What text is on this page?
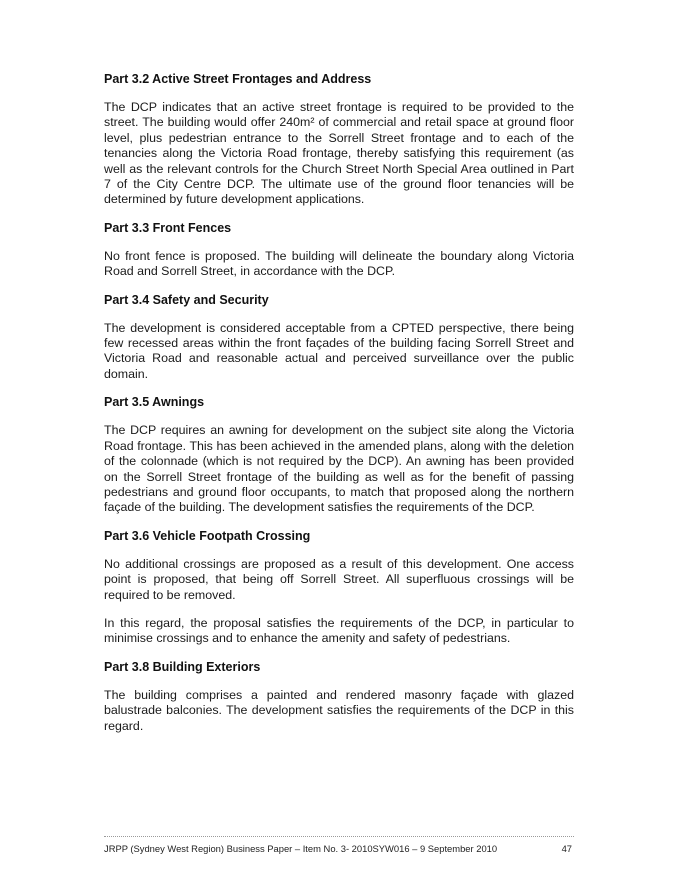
Part 3.2 Active Street Frontages and Address

The DCP indicates that an active street frontage is required to be provided to the street. The building would offer 240m² of commercial and retail space at ground floor level, plus pedestrian entrance to the Sorrell Street frontage and to each of the tenancies along the Victoria Road frontage, thereby satisfying this requirement (as well as the relevant controls for the Church Street North Special Area outlined in Part 7 of the City Centre DCP. The ultimate use of the ground floor tenancies will be determined by future development applications.

Part 3.3 Front Fences

No front fence is proposed. The building will delineate the boundary along Victoria Road and Sorrell Street, in accordance with the DCP.

Part 3.4 Safety and Security

The development is considered acceptable from a CPTED perspective, there being few recessed areas within the front façades of the building facing Sorrell Street and Victoria Road and reasonable actual and perceived surveillance over the public domain.

Part 3.5 Awnings

The DCP requires an awning for development on the subject site along the Victoria Road frontage. This has been achieved in the amended plans, along with the deletion of the colonnade (which is not required by the DCP). An awning has been provided on the Sorrell Street frontage of the building as well as for the benefit of passing pedestrians and ground floor occupants, to match that proposed along the northern façade of the building. The development satisfies the requirements of the DCP.

Part 3.6 Vehicle Footpath Crossing

No additional crossings are proposed as a result of this development. One access point is proposed, that being off Sorrell Street. All superfluous crossings will be required to be removed.

In this regard, the proposal satisfies the requirements of the DCP, in particular to minimise crossings and to enhance the amenity and safety of pedestrians.

Part 3.8 Building Exteriors

The building comprises a painted and rendered masonry façade with glazed balustrade balconies. The development satisfies the requirements of the DCP in this regard.

JRPP (Sydney West Region) Business Paper – Item No. 3- 2010SYW016 – 9 September 2010	47
